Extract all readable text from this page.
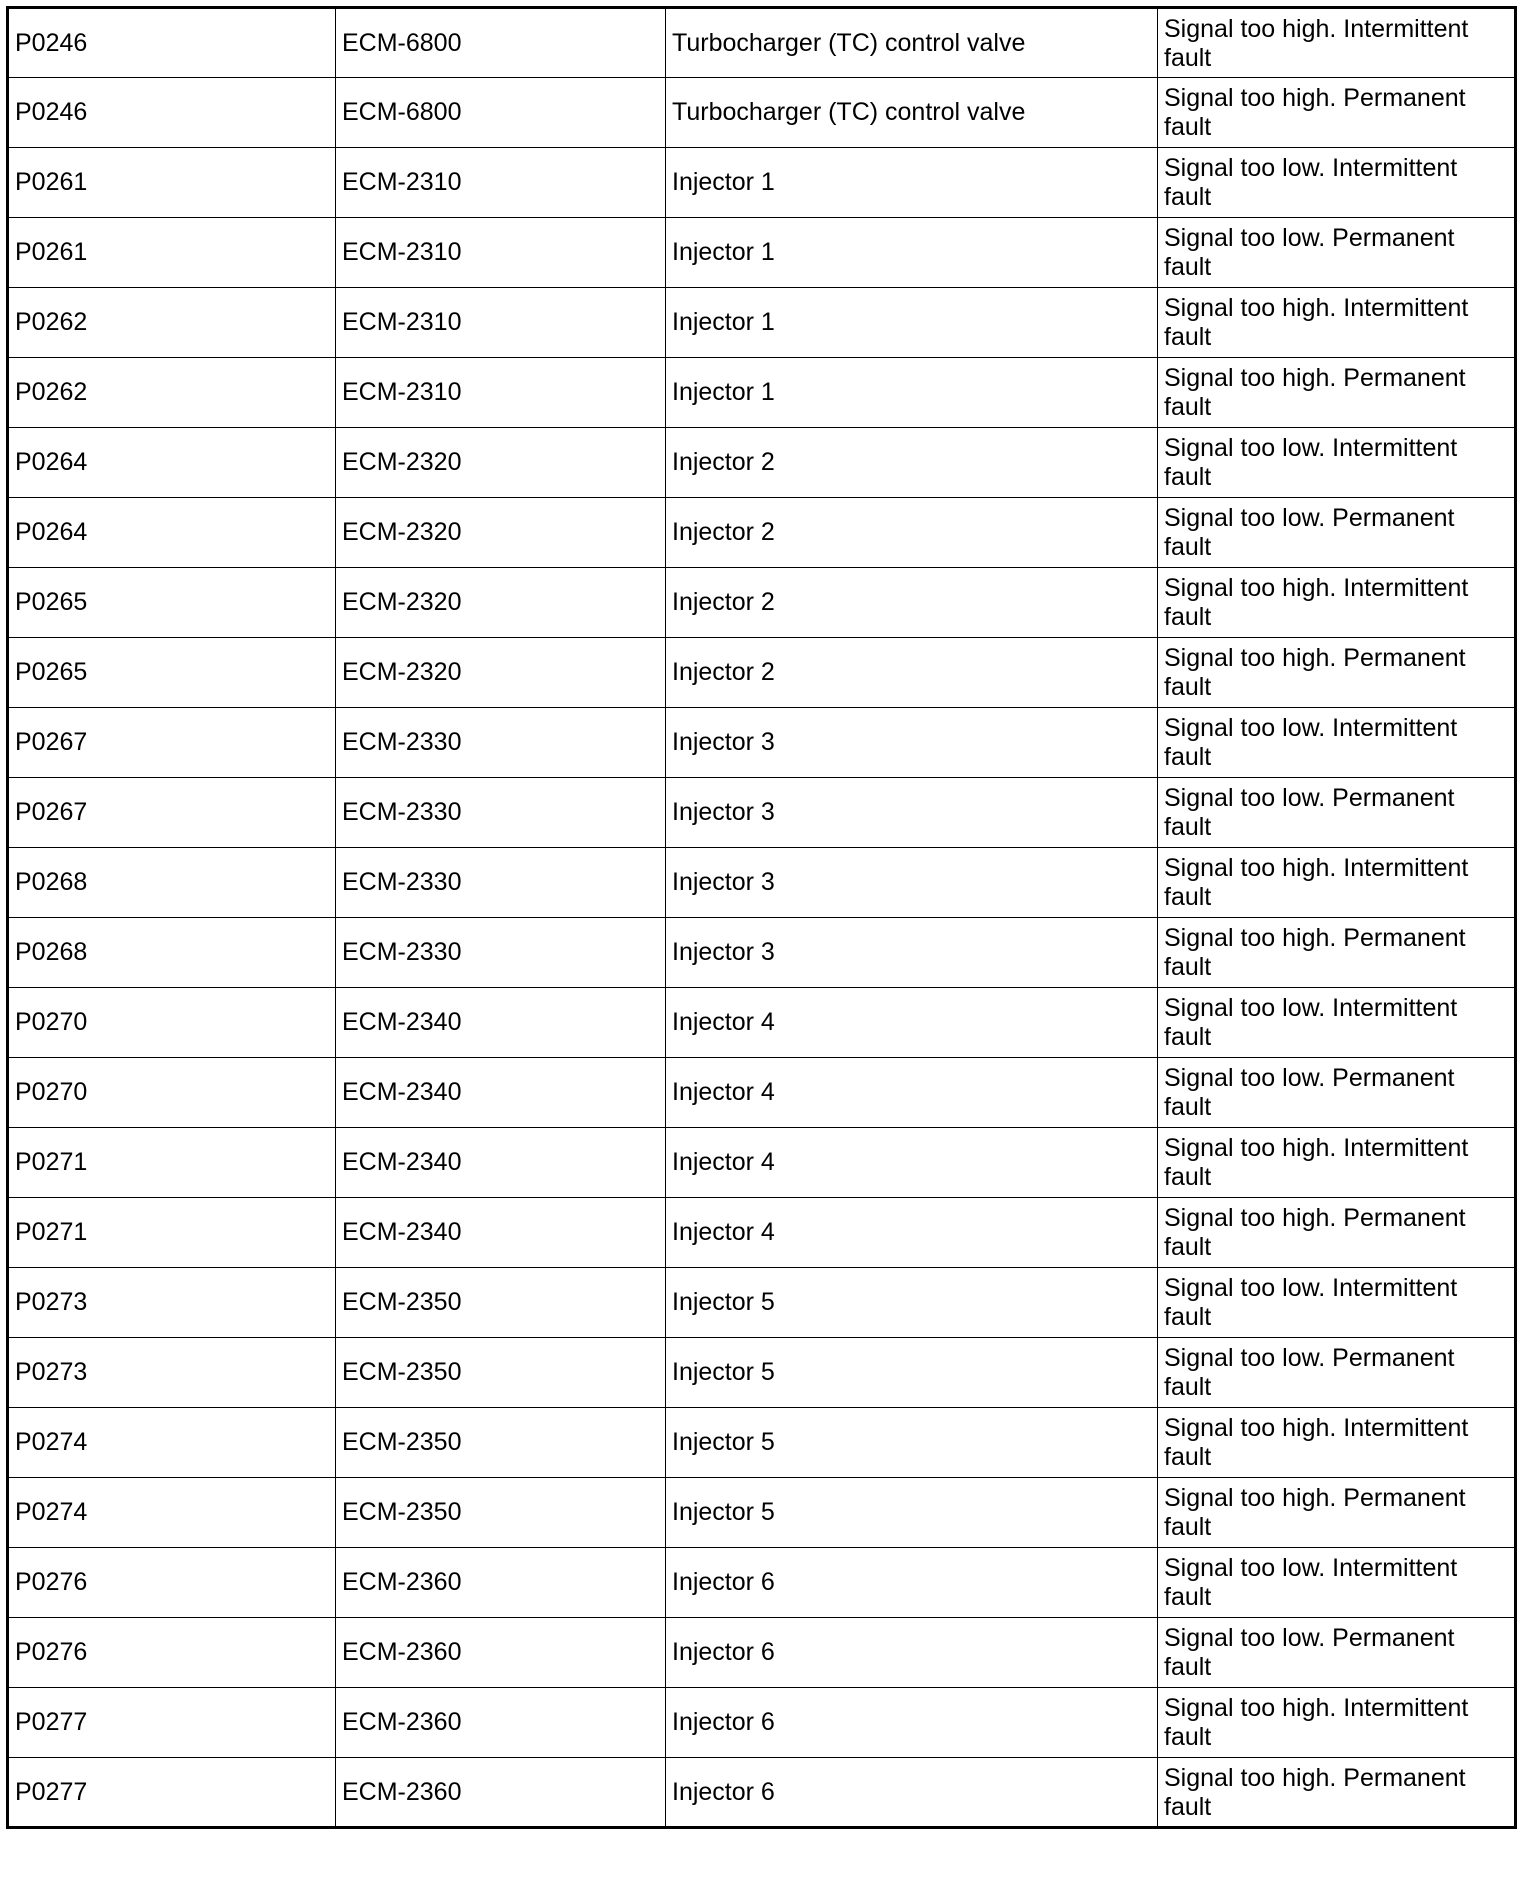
P0246	ECM-6800	Turbocharger (TC) control valve	Signal too high. Intermittent fault
P0246	ECM-6800	Turbocharger (TC) control valve	Signal too high. Permanent fault
P0261	ECM-2310	Injector 1	Signal too low. Intermittent fault
P0261	ECM-2310	Injector 1	Signal too low. Permanent fault
P0262	ECM-2310	Injector 1	Signal too high. Intermittent fault
P0262	ECM-2310	Injector 1	Signal too high. Permanent fault
P0264	ECM-2320	Injector 2	Signal too low. Intermittent fault
P0264	ECM-2320	Injector 2	Signal too low. Permanent fault
P0265	ECM-2320	Injector 2	Signal too high. Intermittent fault
P0265	ECM-2320	Injector 2	Signal too high. Permanent fault
P0267	ECM-2330	Injector 3	Signal too low. Intermittent fault
P0267	ECM-2330	Injector 3	Signal too low. Permanent fault
P0268	ECM-2330	Injector 3	Signal too high. Intermittent fault
P0268	ECM-2330	Injector 3	Signal too high. Permanent fault
P0270	ECM-2340	Injector 4	Signal too low. Intermittent fault
P0270	ECM-2340	Injector 4	Signal too low. Permanent fault
P0271	ECM-2340	Injector 4	Signal too high. Intermittent fault
P0271	ECM-2340	Injector 4	Signal too high. Permanent fault
P0273	ECM-2350	Injector 5	Signal too low. Intermittent fault
P0273	ECM-2350	Injector 5	Signal too low. Permanent fault
P0274	ECM-2350	Injector 5	Signal too high. Intermittent fault
P0274	ECM-2350	Injector 5	Signal too high. Permanent fault
P0276	ECM-2360	Injector 6	Signal too low. Intermittent fault
P0276	ECM-2360	Injector 6	Signal too low. Permanent fault
P0277	ECM-2360	Injector 6	Signal too high. Intermittent fault
P0277	ECM-2360	Injector 6	Signal too high. Permanent fault
